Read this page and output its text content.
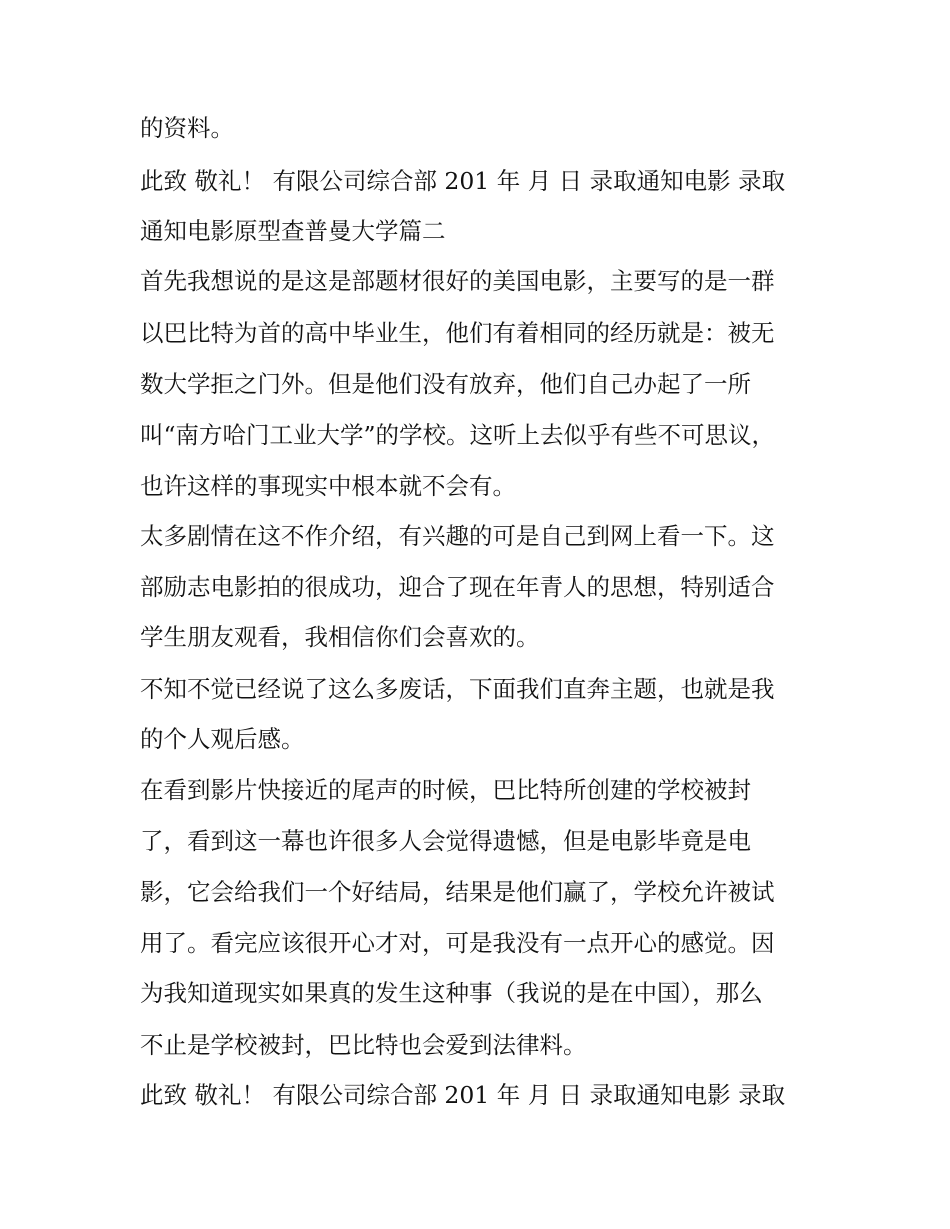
的资料。
此致 敬礼！ 有限公司综合部 201 年 月 日 录取通知电影 录取
通知电影原型查普曼大学篇二
首先我想说的是这是部题材很好的美国电影，主要写的是一群
以巴比特为首的高中毕业生，他们有着相同的经历就是：被无
数大学拒之门外。但是他们没有放弃，他们自己办起了一所
叫“南方哈门工业大学”的学校。这听上去似乎有些不可思议，
也许这样的事现实中根本就不会有。
太多剧情在这不作介绍，有兴趣的可是自己到网上看一下。这
部励志电影拍的很成功，迎合了现在年青人的思想，特别适合
学生朋友观看，我相信你们会喜欢的。
不知不觉已经说了这么多废话，下面我们直奔主题，也就是我
的个人观后感。
在看到影片快接近的尾声的时候，巴比特所创建的学校被封
了，看到这一幕也许很多人会觉得遗憾，但是电影毕竟是电
影，它会给我们一个好结局，结果是他们赢了，学校允许被试
用了。看完应该很开心才对，可是我没有一点开心的感觉。因
为我知道现实如果真的发生这种事（我说的是在中国），那么
不止是学校被封，巴比特也会爱到法律料。
此致 敬礼！ 有限公司综合部 201 年 月 日 录取通知电影 录取
